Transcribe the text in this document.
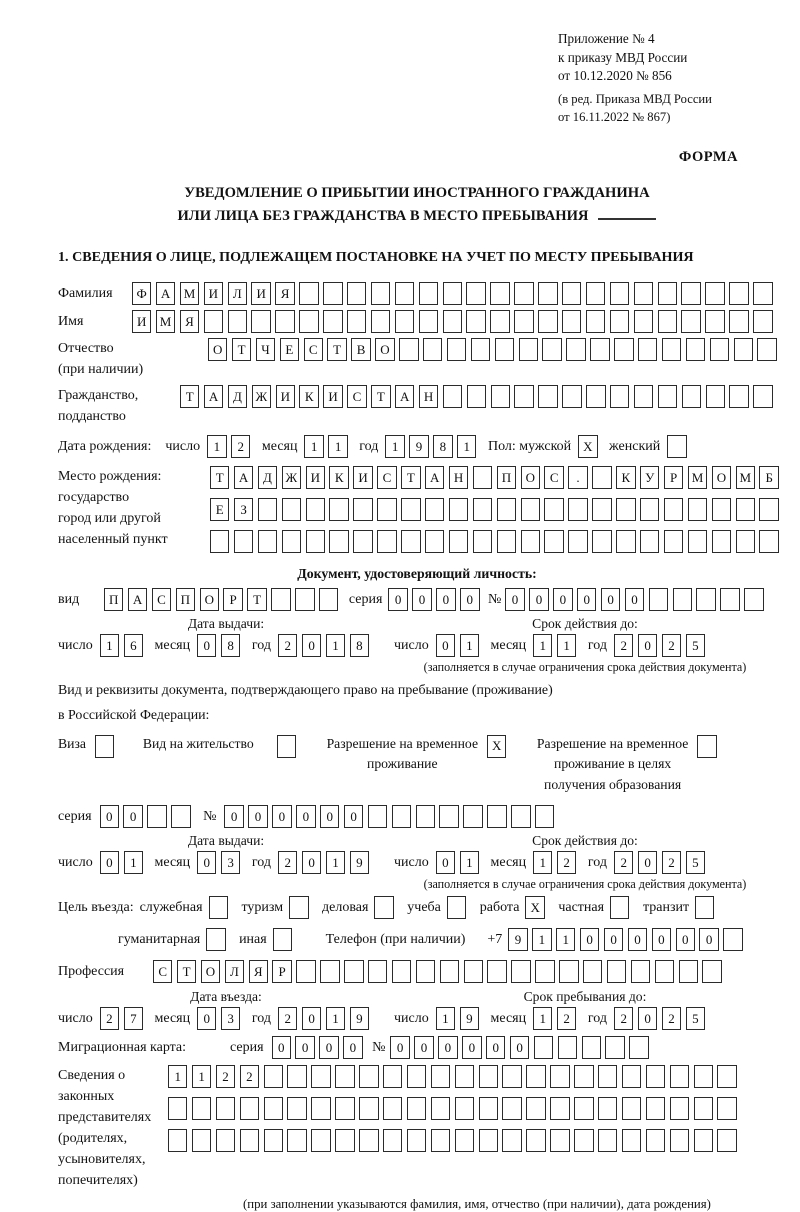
Приложение № 4
к приказу МВД России
от 10.12.2020 № 856
(в ред. Приказа МВД России
от 16.11.2022 № 867)
ФОРМА
УВЕДОМЛЕНИЕ О ПРИБЫТИИ ИНОСТРАННОГО ГРАЖДАНИНА
ИЛИ ЛИЦА БЕЗ ГРАЖДАНСТВА В МЕСТО ПРЕБЫВАНИЯ
1. СВЕДЕНИЯ О ЛИЦЕ, ПОДЛЕЖАЩЕМ ПОСТАНОВКЕ НА УЧЕТ ПО МЕСТУ ПРЕБЫВАНИЯ
Фамилия	Ф	А	М	И	Л	И	Я
Имя	И	М	Я
Отчество
(при наличии)
О	Т	Ч	Е	С	Т	В	О
Гражданство,
подданство
Т	А	Д	Ж	И	К	И	С	Т	А	Н
Дата рождения: число	1	2	месяц	1	1	год	1	9	8	1	Пол: мужской X	женский
Место рождения:
государство
город или другой
населенный пункт
Т	А	Д	Ж	И	К	И	С	Т	А	Н	П	О	С	.	К	У	Р	М	О	М	Б

Е	З

Документ, удостоверяющий личность:
вид	П	А	С	П	О	Р	Т	серия 0	0	0	0	№ 0	0	0	0	0	0
Дата выдачи:
число	1	6	месяц	0	8	год	2	0	1	8
Срок действия до:
число	0	1	месяц	1	1	год	2	0	2	5
(заполняется в случае ограничения срока действия документа)
Вид и реквизиты документа, подтверждающего право на пребывание (проживание)
в Российской Федерации:
Виза	Вид на жительство	Разрешение на временное
проживание
X	Разрешение на временное
проживание в целях
получения образования
серия	0	0	№	0	0	0	0	0	0
Дата выдачи:
число	0	1	месяц	0	3	год	2	0	1	9
Срок действия до:
число	0	1	месяц	1	2	год	2	0	2	5
(заполняется в случае ограничения срока действия документа)
Цель въезда: служебная	туризм	деловая	учеба	работа X	частная	транзит
гуманитарная	иная	Телефон (при наличии) +7 9	1	1	0	0	0	0	0	0
Профессия	С	Т	О	Л	Я	Р
Дата въезда:
число	2	7	месяц	0	3	год	2	0	1	9
Срок пребывания до:
число	1	9	месяц	1	2	год	2	0	2	5
Миграционная карта:	серия	0	0	0	0	№ 0	0	0	0	0	0
Сведения о
законных
представителях
(родителях,
усыновителях,
попечителях)
1	1	2	2

(при заполнении указываются фамилия, имя, отчество (при наличии), дата рождения)
